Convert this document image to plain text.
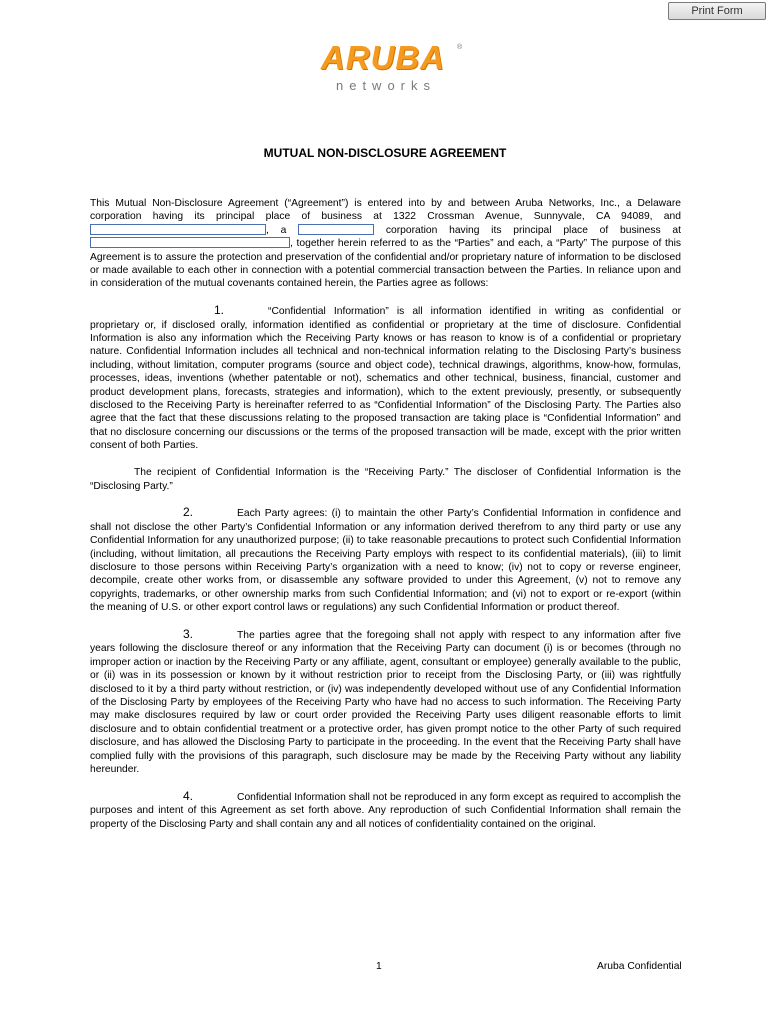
Print Form
ARUBA	®
networks
MUTUAL NON-DISCLOSURE AGREEMENT

This Mutual Non-Disclosure Agreement (“Agreement”) is entered into by and between Aruba Networks, Inc., a Delaware corporation having its principal place of business at 1322 Crossman Avenue, Sunnyvale, CA 94089, and , a	corporation having its principal place of business at , together herein referred to as the “Parties” and each, a “Party” The purpose of this Agreement is to assure the protection and preservation of the confidential and/or proprietary nature of information to be disclosed or made available to each other in connection with a potential commercial transaction between the Parties. In reliance upon and in consideration of the mutual covenants contained herein, the Parties agree as follows:

1.	“Confidential Information” is all information identified in writing as confidential or proprietary or, if disclosed orally, information identified as confidential or proprietary at the time of disclosure. Confidential Information is also any information which the Receiving Party knows or has reason to know is of a confidential or proprietary nature. Confidential Information includes all technical and non-technical information relating to the Disclosing Party’s business including, without limitation, computer programs (source and object code), technical drawings, algorithms, know-how, formulas, processes, ideas, inventions (whether patentable or not), schematics and other technical, business, financial, customer and product development plans, forecasts, strategies and information), which to the extent previously, presently, or subsequently disclosed to the Receiving Party is hereinafter referred to as “Confidential Information” of the Disclosing Party. The Parties also agree that the fact that these discussions relating to the proposed transaction are taking place is “Confidential Information” and that no disclosure concerning our discussions or the terms of the proposed transaction will be made, except with the prior written consent of both Parties.

The recipient of Confidential Information is the “Receiving Party.” The discloser of Confidential Information is the “Disclosing Party.”

2.	Each Party agrees: (i) to maintain the other Party’s Confidential Information in confidence and shall not disclose the other Party’s Confidential Information or any information derived therefrom to any third party or use any Confidential Information for any unauthorized purpose; (ii) to take reasonable precautions to protect such Confidential Information (including, without limitation, all precautions the Receiving Party employs with respect to its confidential materials), (iii) to limit disclosure to those persons within Receiving Party’s organization with a need to know; (iv) not to copy or reverse engineer, decompile, create other works from, or disassemble any software provided to under this Agreement, (v) not to remove any copyrights, trademarks, or other ownership marks from such Confidential Information; and (vi) not to export or re-export (within the meaning of U.S. or other export control laws or regulations) any such Confidential Information or product thereof.

3.	The parties agree that the foregoing shall not apply with respect to any information after five years following the disclosure thereof or any information that the Receiving Party can document (i) is or becomes (through no improper action or inaction by the Receiving Party or any affiliate, agent, consultant or employee) generally available to the public, or (ii) was in its possession or known by it without restriction prior to receipt from the Disclosing Party, or (iii) was rightfully disclosed to it by a third party without restriction, or (iv) was independently developed without use of any Confidential Information of the Disclosing Party by employees of the Receiving Party who have had no access to such information. The Receiving Party may make disclosures required by law or court order provided the Receiving Party uses diligent reasonable efforts to limit disclosure and to obtain confidential treatment or a protective order, has given prompt notice to the other Party of such required disclosure, and has allowed the Disclosing Party to participate in the proceeding. In the event that the Receiving Party shall have complied fully with the provisions of this paragraph, such disclosure may be made by the Receiving Party without any liability hereunder.

4.	Confidential Information shall not be reproduced in any form except as required to accomplish the purposes and intent of this Agreement as set forth above. Any reproduction of such Confidential Information shall remain the property of the Disclosing Party and shall contain any and all notices of confidentiality contained on the original.

1	Aruba Confidential
